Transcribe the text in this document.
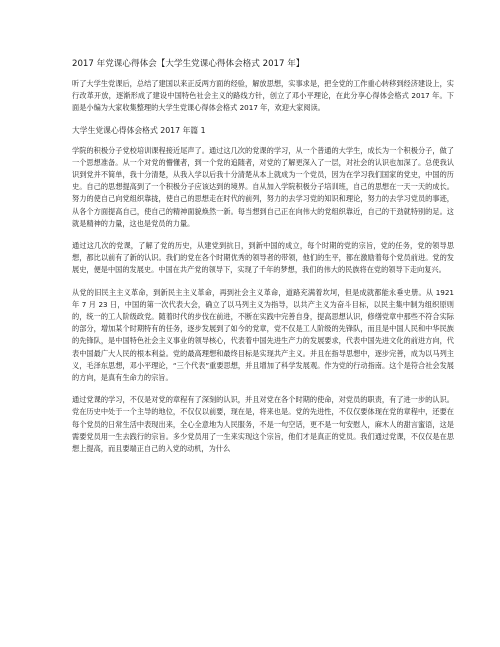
2017 年党课心得体会【大学生党课心得体会格式 2017 年】

听了大学生党课后，总结了建国以来正反两方面的经验，解放思想，实事求是，把全党的工作重心转移到经济建设上，实行改革开放，逐渐形成了建设中国特色社会主义的路线方针，创立了邓小平理论，在此分享心得体会格式 2017 年。下面是小编为大家收集整理的大学生党课心得体会格式 2017 年，欢迎大家阅读。

大学生党课心得体会格式 2017 年篇 1

学院的积极分子党校培训课程接近尾声了。通过这几次的党课的学习，从一个普通的大学生，成长为一个积极分子，做了一个思想准备。从一个对党的懵懂者，到一个党的追随者，对党的了解更深入了一层，对社会的认识也加深了。总使我认识到党并不简单，我十分清楚，从我入学以后我十分清楚从本上就成为一个党员，因为在学习我们国家的党史，中国的历史。自己的思想提高到了一个积极分子应该达到的境界。自从加入学院积极分子培训班，自己的思想在一天一天的成长。努力的使自己向党组织靠拢，使自己的思想走在时代的前列，努力的去学习党的知识和理论，努力的去学习党员的事迹，从各个方面提高自己，使自己的精神面貌焕然一新。每当想到自己正在向伟大的党组织靠近，自己的干劲就特别的足。这就是精神的力量，这也是党员的力量。

通过这几次的党课，了解了党的历史，从建党到抗日，到新中国的成立，每个时期的党的宗旨，党的任务，党的领导思想，都比以前有了新的认识。我们的党在各个时期优秀的领导者的带领，他们的生平，都在激励着每个党员前进。党的发展史，便是中国的发展史。中国在共产党的领导下，实现了千年的梦想，我们的伟大的民族将在党的领导下走向复兴。

从党的旧民主主义革命，到新民主主义革命，再到社会主义革命，道路充满着坎坷，但是成就都能永垂史册。从 1921 年 7 月 23 日，中国的第一次代表大会，确立了以马列主义为指导，以共产主义为奋斗目标，以民主集中制为组织原则的，统一的工人阶级政党。随着时代的步伐在前进，不断在实践中完善自身，提高思想认识，修缮党章中那些不符合实际的部分，增加某个时期特有的任务，逐步发展到了如今的党章，党不仅是工人阶级的先锋队，而且是中国人民和中华民族的先锋队，是中国特色社会主义事业的领导核心，代表着中国先进生产力的发展要求，代表中国先进文化的前进方向，代表中国最广大人民的根本利益。党的最高理想和最终目标是实现共产主义。并且在指导思想中，逐步完善，成为以马列主义，毛泽东思想，邓小平理论，“三个代表”重要思想，并且增加了科学发展观。作为党的行动指南。这个是符合社会发展的方向，是真有生命力的宗旨。

通过党课的学习，不仅是对党的章程有了深刻的认识，并且对党在各个时期的使命，对党员的职责，有了进一步的认识。党在历史中处于一个主导的地位，不仅仅以前要，现在是，将来也是。党的先进性，不仅仅要体现在党的章程中，还要在每个党员的日常生活中表现出来，全心全意地为人民服务，不是一句空话，更不是一句安慰人，麻木人的甜言蜜语，这是需要党员用一生去践行的宗旨。多少党员用了一生来实现这个宗旨，他们才是真正的党员。我们通过党课，不仅仅是在思想上提高，而且要端正自己的入党的动机，为什么
